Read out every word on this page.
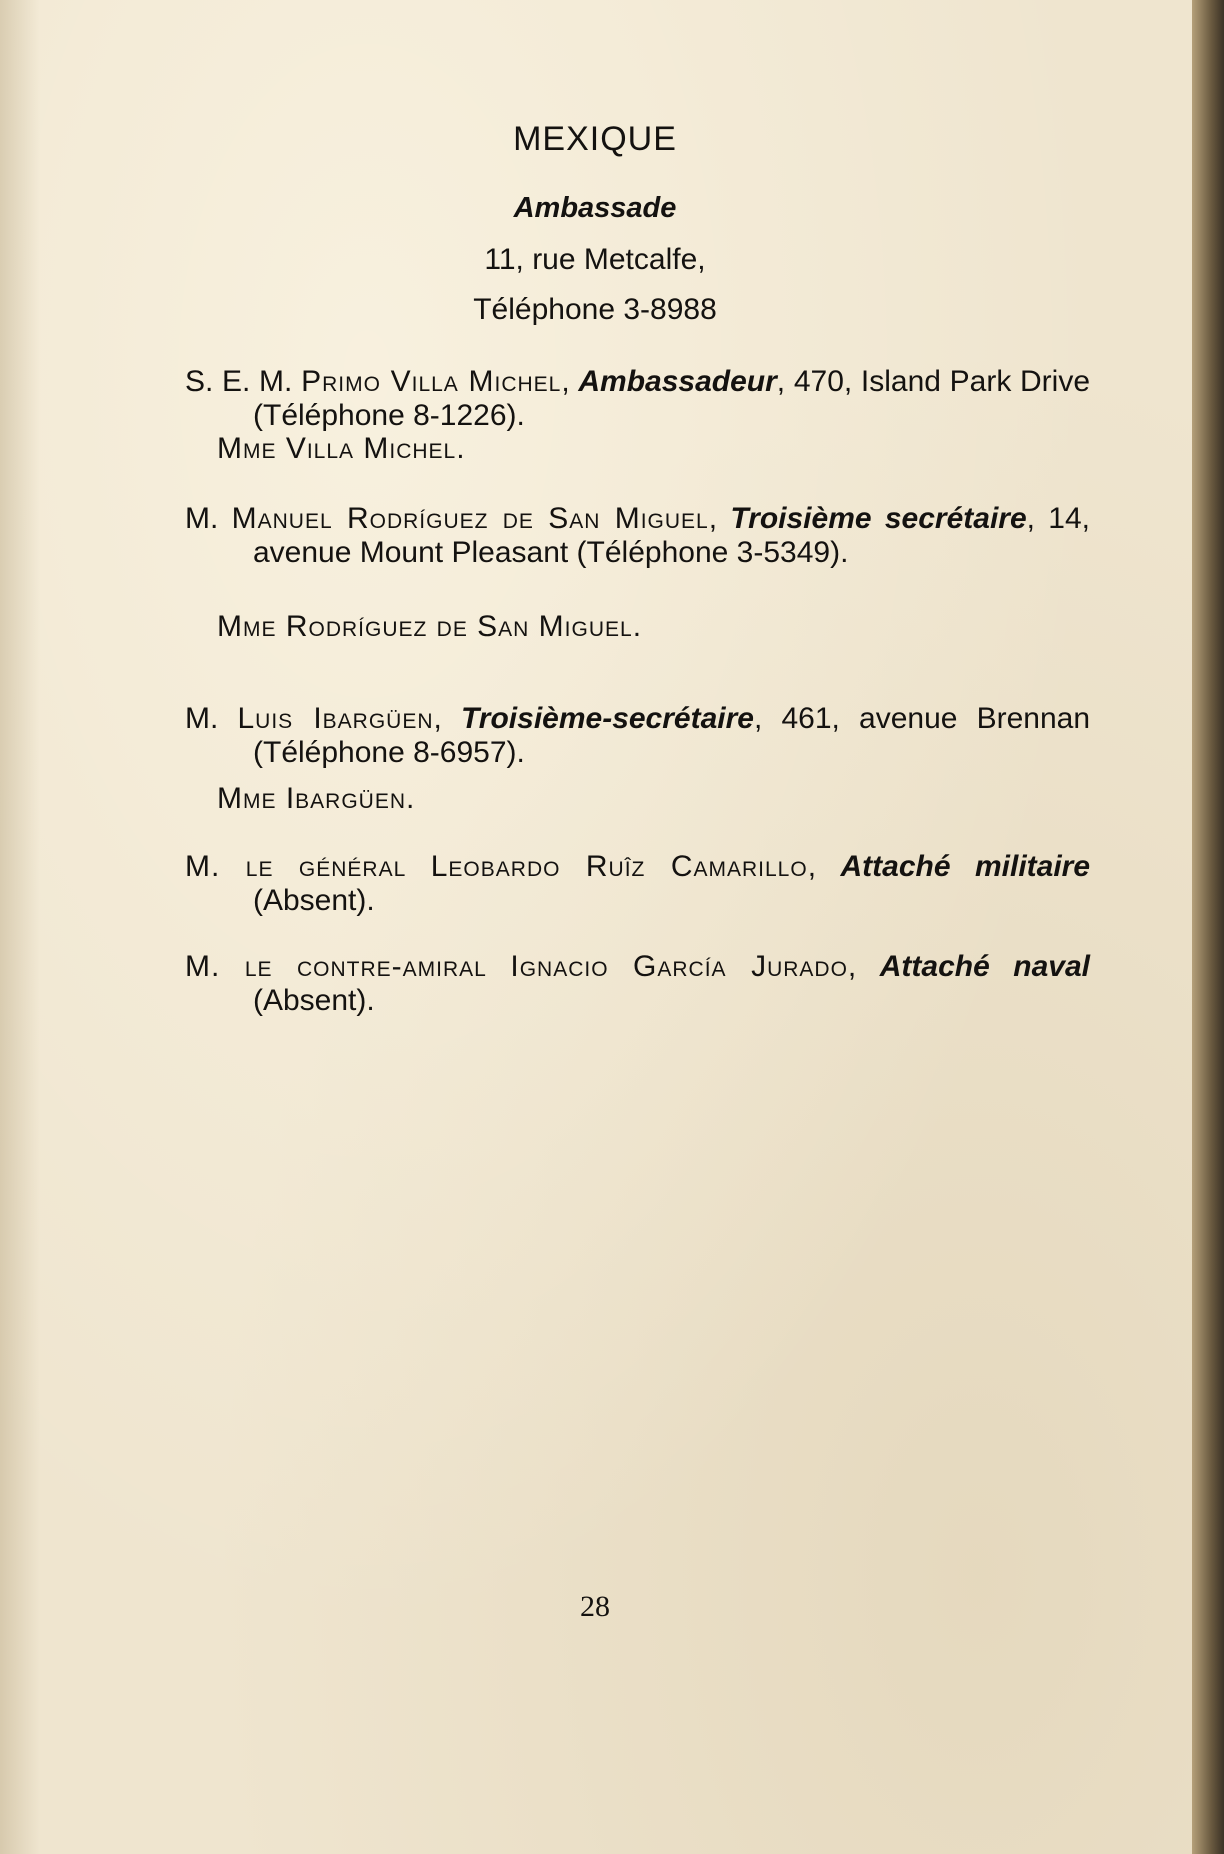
MEXIQUE
Ambassade
11, rue Metcalfe,
Téléphone 3-8988
S. E. M. Primo Villa Michel, Ambassadeur, 470, Island Park Drive (Téléphone 8-1226).
Mme Villa Michel.
M. Manuel Rodríguez de San Miguel, Troisième secrétaire, 14, avenue Mount Pleasant (Téléphone 3-5349).
Mme Rodríguez de San Miguel.
M. Luis Ibargüen, Troisième-secrétaire, 461, avenue Brennan (Téléphone 8-6957).
Mme Ibargüen.
M. le général Leobardo Ruîz Camarillo, Attaché militaire (Absent).
M. le contre-amiral Ignacio García Jurado, Attaché naval (Absent).
28
